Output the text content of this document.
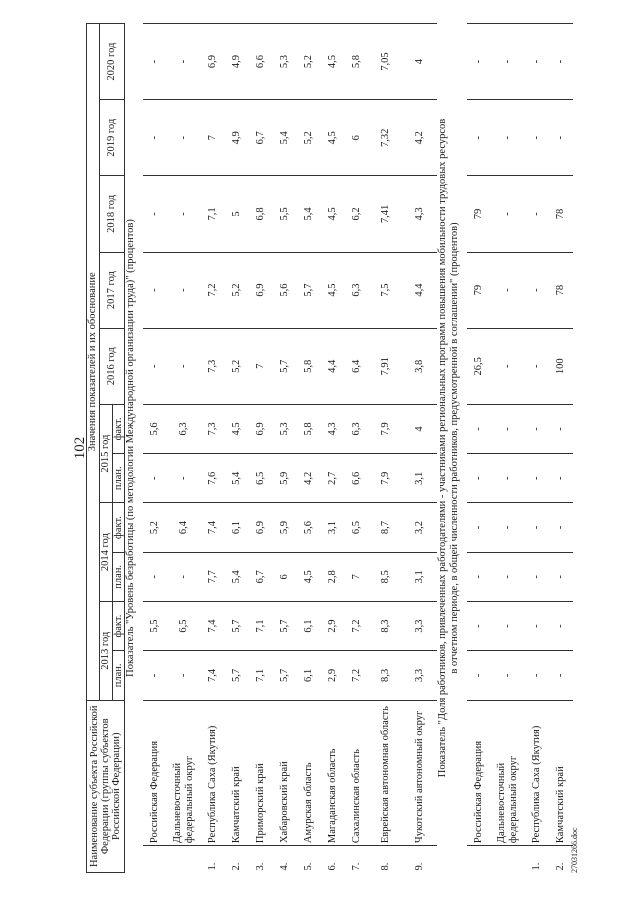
102
Наименование субъекта Российской Федерации (группы субъектов Российской Федерации)		Значения показателей и их обоснование										
		2013 год		2014 год		2015 год		2016 год	2017 год	2018 год	2019 год	2020 год
		план.	факт.	план.	факт.	план.	факт.					
Показатель "Уровень безработицы (по методологии Международной организации труда)" (процентов)												
	Российская Федерация	-	5,5	-	5,2	-	5,6	-	-	-	-	-
	Дальневосточный федеральный округ	-	6,5	-	6,4	-	6,3	-	-	-	-	-
1.	Республика Саха (Якутия)	7,4	7,4	7,7	7,4	7,6	7,3	7,3	7,2	7,1	7	6,9
2.	Камчатский край	5,7	5,7	5,4	6,1	5,4	4,5	5,2	5,2	5	4,9	4,9
3.	Приморский край	7,1	7,1	6,7	6,9	6,5	6,9	7	6,9	6,8	6,7	6,6
4.	Хабаровский край	5,7	5,7	6	5,9	5,9	5,3	5,7	5,6	5,5	5,4	5,3
5.	Амурская область	6,1	6,1	4,5	5,6	4,2	5,8	5,8	5,7	5,4	5,2	5,2
6.	Магаданская область	2,9	2,9	2,8	3,1	2,7	4,3	4,4	4,5	4,5	4,5	4,5
7.	Сахалинская область	7,2	7,2	7	6,5	6,6	6,3	6,4	6,3	6,2	6	5,8
8.	Еврейская автономная область	8,3	8,3	8,5	8,7	7,9	7,9	7,91	7,5	7,41	7,32	7,05
9.	Чукотский автономный округ	3,3	3,3	3,1	3,2	3,1	4	3,8	4,4	4,3	4,2	4
Показатель "Доля работников, привлеченных работодателями - участниками региональных программ повышения мобильности трудовых ресурсов												
в отчетном периоде, в общей численности работников, предусмотренной в соглашении" (процентов)												
	Российская Федерация	-	-	-	-	-	-	26,5	79	79	-	-
	Дальневосточный федеральный округ	-	-	-	-	-	-	-	-	-	-	-
1.	Республика Саха (Якутия)	-	-	-	-	-	-	-	-	-	-	-
2.	Камчатский край	-	-	-	-	-	-	100	78	78	-	-
27031266.doc
